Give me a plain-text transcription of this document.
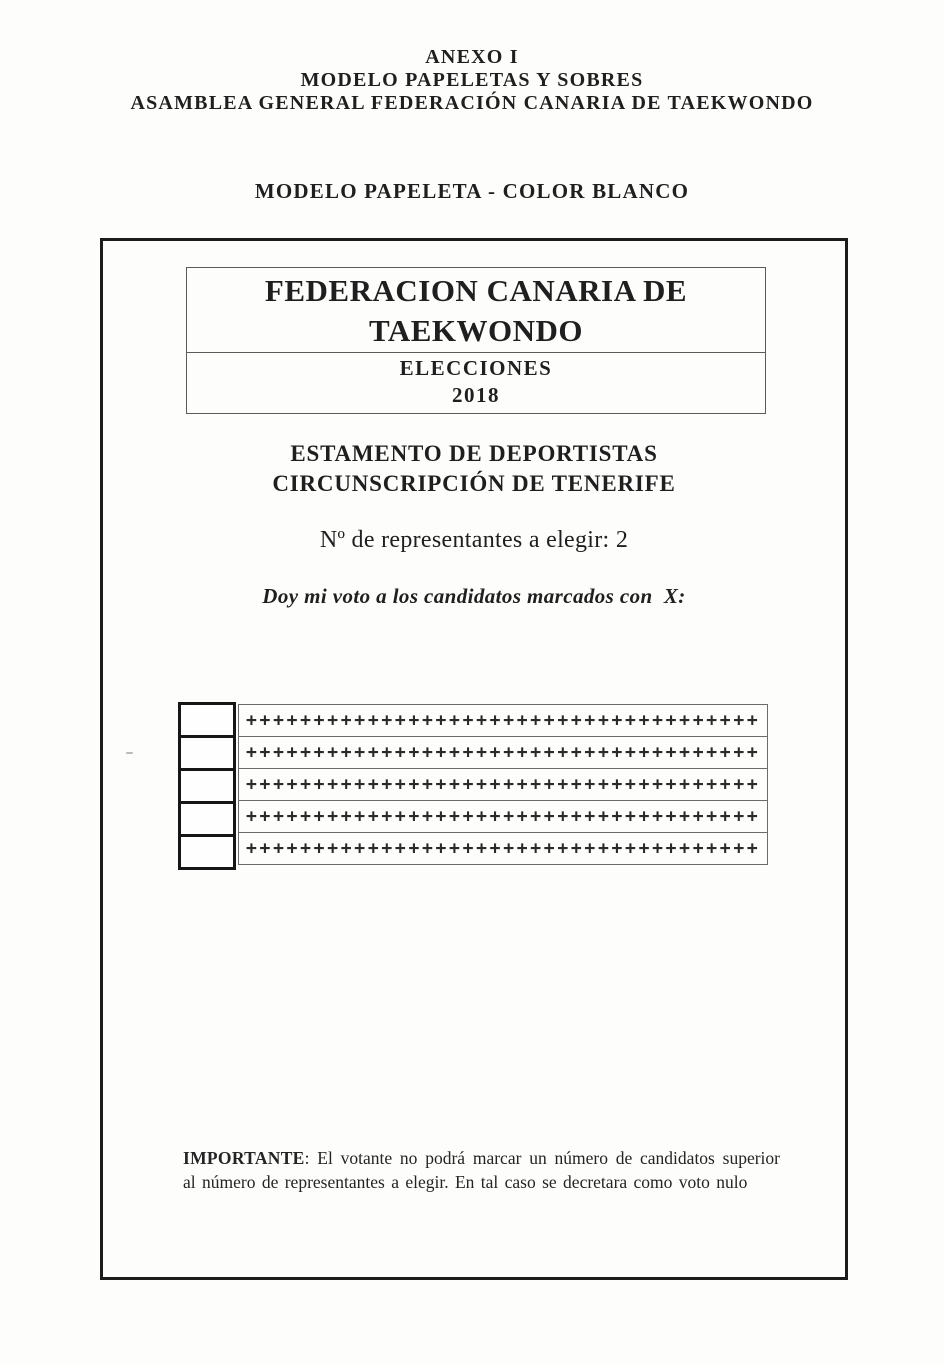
ANEXO I
MODELO PAPELETAS Y SOBRES
ASAMBLEA GENERAL FEDERACIÓN CANARIA DE TAEKWONDO
MODELO PAPELETA - COLOR BLANCO
FEDERACION CANARIA DE TAEKWONDO
ELECCIONES
2018
ESTAMENTO DE DEPORTISTAS
CIRCUNSCRIPCIÓN DE TENERIFE
Nº de representantes a elegir: 2
Doy mi voto a los candidatos marcados con  X:
++++++++++++++++++++++++++++++++++++++
++++++++++++++++++++++++++++++++++++++
++++++++++++++++++++++++++++++++++++++
++++++++++++++++++++++++++++++++++++++
++++++++++++++++++++++++++++++++++++++
IMPORTANTE: El votante no podrá marcar un número de candidatos superior al número de representantes a elegir. En tal caso se decretara como voto nulo
